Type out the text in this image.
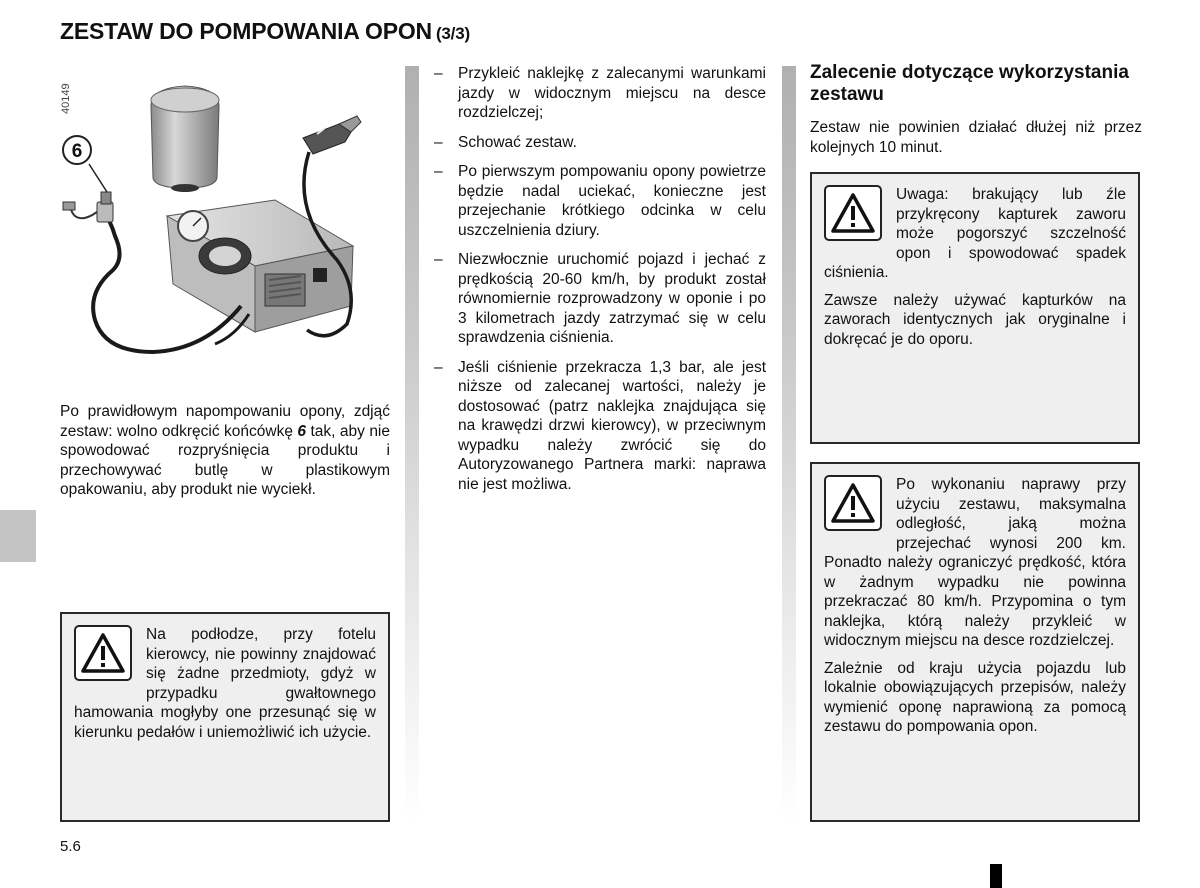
ZESTAW DO POMPOWANIA OPON (3/3)
40149
6

Po prawidłowym napompowaniu opony, zdjąć zestaw: wolno odkręcić końcówkę 6 tak, aby nie spowodować rozpryśnięcia produktu i przechowywać butlę w plastikowym opakowaniu, aby produkt nie wyciekł.

Na podłodze, przy fotelu kierowcy, nie powinny znajdować się żadne przedmioty, gdyż w przypadku gwałtownego hamowania mogłyby one przesunąć się w kierunku pedałów i uniemożliwić ich użycie.

– Przykleić naklejkę z zalecanymi warunkami jazdy w widocznym miejscu na desce rozdzielczej;
– Schować zestaw.
– Po pierwszym pompowaniu opony powietrze będzie nadal uciekać, konieczne jest przejechanie krótkiego odcinka w celu uszczelnienia dziury.
– Niezwłocznie uruchomić pojazd i jechać z prędkością 20-60 km/h, by produkt został równomiernie rozprowadzony w oponie i po 3 kilometrach jazdy zatrzymać się w celu sprawdzenia ciśnienia.
– Jeśli ciśnienie przekracza 1,3 bar, ale jest niższe od zalecanej wartości, należy je dostosować (patrz naklejka znajdująca się na krawędzi drzwi kierowcy), w przeciwnym wypadku należy zwrócić się do Autoryzowanego Partnera marki: naprawa nie jest możliwa.
Zalecenie dotyczące wykorzystania zestawu

Zestaw nie powinien działać dłużej niż przez kolejnych 10 minut.

Uwaga: brakujący lub źle przykręcony kapturek zaworu może pogorszyć szczelność opon i spowodować spadek ciśnienia.

Zawsze należy używać kapturków na zaworach identycznych jak oryginalne i dokręcać je do oporu.

Po wykonaniu naprawy przy użyciu zestawu, maksymalna odległość, jaką można przejechać wynosi 200 km. Ponadto należy ograniczyć prędkość, która w żadnym wypadku nie powinna przekraczać 80 km/h. Przypomina o tym naklejka, którą należy przykleić w widocznym miejscu na desce rozdzielczej.

Zależnie od kraju użycia pojazdu lub lokalnie obowiązujących przepisów, należy wymienić oponę naprawioną za pomocą zestawu do pompowania opon.

5.6
